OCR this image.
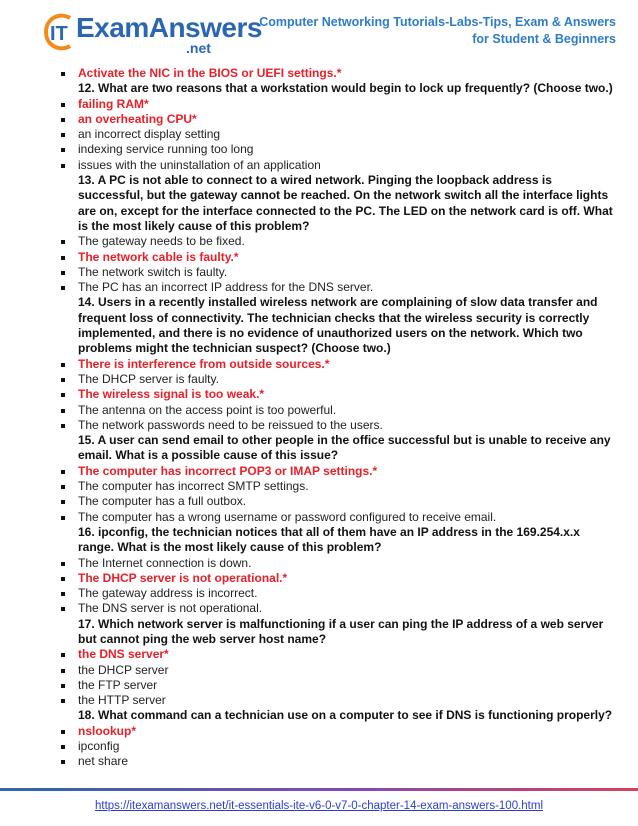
IT ExamAnswers
.net
Computer Networking Tutorials-Labs-Tips, Exam & Answers
for Student & Beginners
Activate the NIC in the BIOS or UEFI settings.*
12. What are two reasons that a workstation would begin to lock up frequently? (Choose two.)
failing RAM*
an overheating CPU*
an incorrect display setting
indexing service running too long
issues with the uninstallation of an application
13. A PC is not able to connect to a wired network. Pinging the loopback address is
successful, but the gateway cannot be reached. On the network switch all the interface lights
are on, except for the interface connected to the PC. The LED on the network card is off. What
is the most likely cause of this problem?
The gateway needs to be fixed.
The network cable is faulty.*
The network switch is faulty.
The PC has an incorrect IP address for the DNS server.
14. Users in a recently installed wireless network are complaining of slow data transfer and
frequent loss of connectivity. The technician checks that the wireless security is correctly
implemented, and there is no evidence of unauthorized users on the network. Which two
problems might the technician suspect? (Choose two.)
There is interference from outside sources.*
The DHCP server is faulty.
The wireless signal is too weak.*
The antenna on the access point is too powerful.
The network passwords need to be reissued to the users.
15. A user can send email to other people in the office successful but is unable to receive any
email. What is a possible cause of this issue?
The computer has incorrect POP3 or IMAP settings.*
The computer has incorrect SMTP settings.
The computer has a full outbox.
The computer has a wrong username or password configured to receive email.
16. ipconfig, the technician notices that all of them have an IP address in the 169.254.x.x
range. What is the most likely cause of this problem?
The Internet connection is down.
The DHCP server is not operational.*
The gateway address is incorrect.
The DNS server is not operational.
17. Which network server is malfunctioning if a user can ping the IP address of a web server
but cannot ping the web server host name?
the DNS server*
the DHCP server
the FTP server
the HTTP server
18. What command can a technician use on a computer to see if DNS is functioning properly?
nslookup*
ipconfig
net share
https://itexamanswers.net/it-essentials-ite-v6-0-v7-0-chapter-14-exam-answers-100.html
